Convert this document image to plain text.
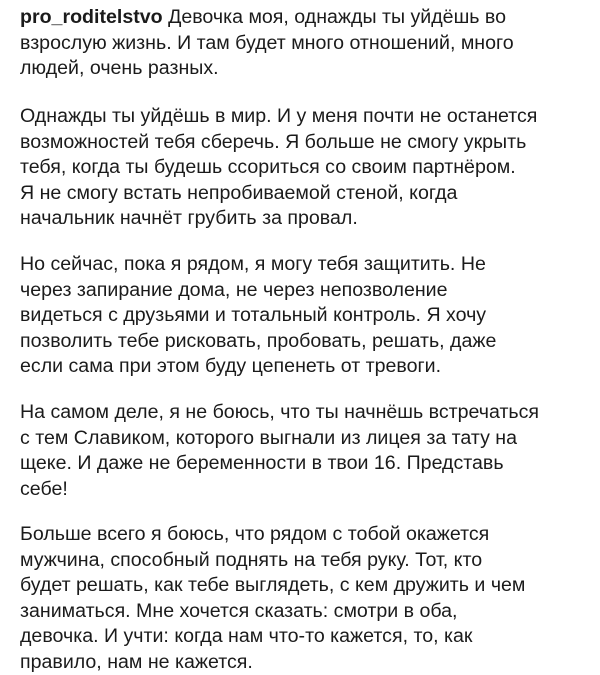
pro_roditelstvo Девочка моя, однажды ты уйдёшь во
взрослую жизнь. И там будет много отношений, много
людей, очень разных.

Однажды ты уйдёшь в мир. И у меня почти не останется
возможностей тебя сберечь. Я больше не смогу укрыть
тебя, когда ты будешь ссориться со своим партнёром.
Я не смогу встать непробиваемой стеной, когда
начальник начнёт грубить за провал.

Но сейчас, пока я рядом, я могу тебя защитить. Не
через запирание дома, не через непозволение
видеться с друзьями и тотальный контроль. Я хочу
позволить тебе рисковать, пробовать, решать, даже
если сама при этом буду цепенеть от тревоги.

На самом деле, я не боюсь, что ты начнёшь встречаться
с тем Славиком, которого выгнали из лицея за тату на
щеке. И даже не беременности в твои 16. Представь
себе!

Больше всего я боюсь, что рядом с тобой окажется
мужчина, способный поднять на тебя руку. Тот, кто
будет решать, как тебе выглядеть, с кем дружить и чем
заниматься. Мне хочется сказать: смотри в оба,
девочка. И учти: когда нам что-то кажется, то, как
правило, нам не кажется.
